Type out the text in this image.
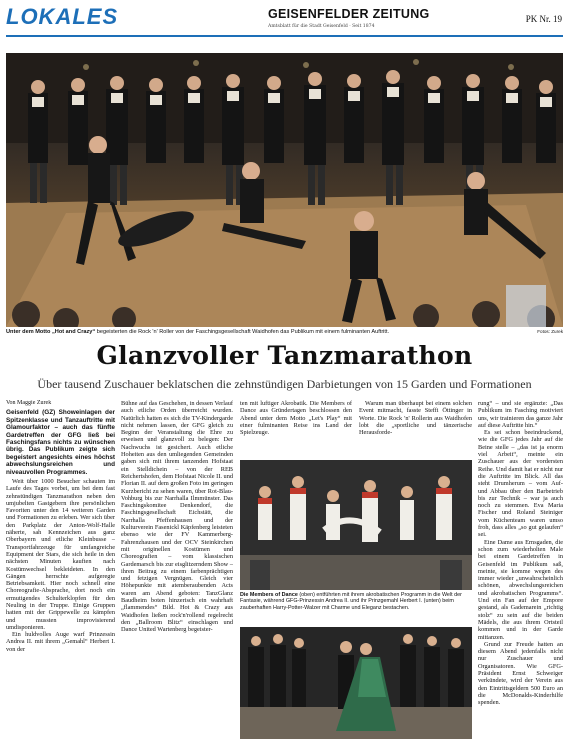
LOKALES	GEISENFELDER ZEITUNG
Amtsblatt für die Stadt Geisenfeld · Seit 1874
PK Nr. 19
Unter dem Motto „Hot and Crazy“ begeisterten die Rock 'n' Roller von der Faschingsgesellschaft Waidhofen das Publikum mit einem fulminanten Auftritt.	Fotos: Zurek
Glanzvoller Tanzmarathon
Über tausend Zuschauer beklatschen die zehnstündigen Darbietungen von 15 Garden und Formationen
Von Maggie Zurek
Geisenfeld (GZ) Showeinlagen der Spitzenklasse und Tanzauftritte mit Glamourfaktor – auch das fünfte Gardetreffen der GFG ließ bei Faschingsfans nichts zu wünschen übrig. Das Publikum zeigte sich begeistert angesichts eines höchst abwechslungsreichen und niveauvollen Programmes.

Weit über 1000 Besucher schauten im Laufe des Tages vorbei, um bei dem fast zehnstündigen Tanzmarathon neben den umjubelten Gastgebern ihre persönlichen Favoriten unter den 14 weiteren Garden und Formationen zu erleben. Wer sich über den Parkplatz der Anton-Wolf-Halle näherte, sah Kennzeichen aus ganz Oberbayern und etliche Kleinbusse – Transportfahrzeuge für umfangreiche Equipment der Stars, die sich heile in den nächsten Minuten kauften nach Kostümwechsel bekleideten. In den Gängen herrschte aufgeregte Betriebsamkeit. Hier noch schnell eine Choreografie-Absprache, dort noch ein ermutigendes Schulterklopfen für den Neuling in der Truppe. Einige Gruppen hatten mit der Grippewelle zu kämpfen und mussten improvisierend umdisponieren.

Ein huldvolles Auge warf Prinzessin Andrea II. mit ihrem „Gemahl“ Herbert I. von der

Bühne auf das Geschehen, in dessen Verlauf auch etliche Orden überreicht wurden. Natürlich hatten es sich die TV-Kindergarde nicht nehmen lassen, der GFG gleich zu Beginn der Veranstaltung die Ehre zu erweisen und glanzvoll zu belegen: Der Nachwuchs ist gesichert. Auch etliche Hoheiten aus den umliegenden Gemeinden gaben sich mit ihrem tanzenden Hofstaat ein Stelldichein – von der REB Reichertshofen, dem Hofstaat Nicole II. und Florian II. auf dem großen Foto im geringen Kurzbericht zu sehen waren, über Rot-Blau-Vohburg bis zur Narrhalla Ilmmünster. Das Faschingskomitee Denkendorf, die Faschingsgesellschaft Eichstätt, die Narrhalla Pfeffenhausen und der Kulturverein Fasenickl Käpfenberg leisteten ebenso wie der FV Kammerberg-Fahrenzhausen und der OCV Steinkirchen mit originellen Kostümen und Choreografien – vom klassischen Gardemarsch bis zur eisglitzerndem Show – ihren Beitrag zu einem farbenprächtigen und fetzigen Vergnügen. Gleich vier Höhepunkte mit atemberaubenden Acts waren am Abend geboten: TanzGlanz Baudheim boten hinzerisch ein wahrhaft „flammendes“ Bild. Hot & Crazy aus Waidhofen ließen rock'n'rollend regelrecht den „Ballroom Blitz“ einschlagen und Dance United Wartenberg begeister-

ten mit luftiger Akrobatik. Die Members of Dance aus Gründertagen beschlossen den Abend unter dem Motto „Let's Play“ mit einer fulminanten Reise ins Land der Spielzeuge.

Warum man überhaupt bei einem solchen Event mitmacht, fasste Steffi Öttinger in Worte. Die Rock 'n' Rollerin aus Waidhofen lobt die „sportliche und tänzerische Herausforde-

rung“ – und sie ergänzte: „Das Publikum im Fasching motiviert uns, wir trainieren das ganze Jahr auf diese Auftritte hin.“

Es sei schon beeindruckend, wie die GFG jedes Jahr auf die Beine stelle – „das ist ja enorm viel Arbeit“, meinte ein Zuschauer aus der vordersten Reihe. Und damit hat er nicht nur die Auftritte im Blick. All das steht Drumherum – vom Auf- und Abbau über den Barbetrieb bis zur Technik – war ja auch noch zu stemmen. Eva Maria Fischer und Roland Steiniger vom Küchenteam waren umso froh, dass alles „so gut gelaufen“ sei.

Eine Dame aus Ernsgaden, die schon zum wiederholten Male bei einem Gardetreffen in Geisenfeld im Publikum saß, meinte, sie komme wegen des immer wieder „unwahrscheinlich schönen, abwechslungsreichen und akrobatischen Programms“. Und ein Fan auf der Empore gestand, als Gademarein „richtig stolz“ zu sein auf die beiden Mädels, die aus ihrem Ortsteil kommen und in der Garde mittanzen.

Grund zur Freude hatten an diesem Abend jedenfalls nicht nur Zuschauer und Organisatoren. Wie GFG-Präsident Ernst Schweiger verkündete, wird der Verein aus den Eintrittsgeldern 500 Euro an die McDonalds-Kinderhilfe spenden.

Die Members of Dance (oben) entführten mit ihrem akrobatischen Programm in die Welt der Fantasie, während GFG-Prinzessin Andrea II. und ihr Prinzgemahl Herbert I. (unten) beim zauberhaften Harry-Potter-Walzer mit Charme und Eleganz bestachen.
